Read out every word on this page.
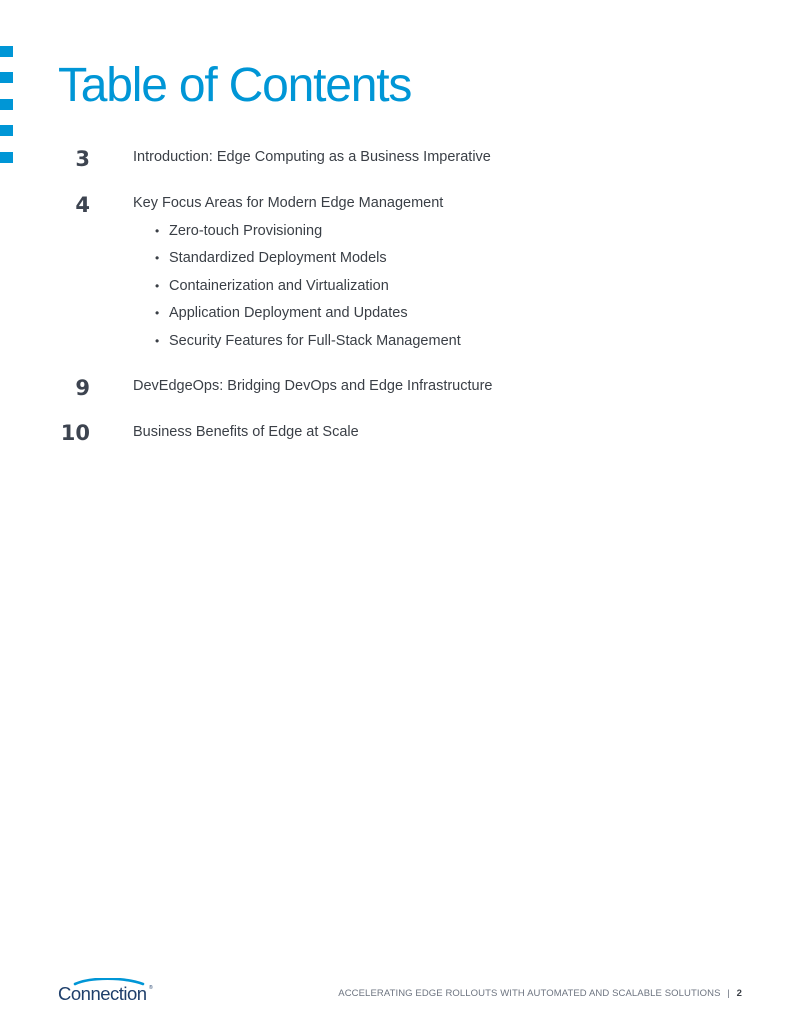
Table of Contents
3	Introduction: Edge Computing as a Business Imperative
4	Key Focus Areas for Modern Edge Management
• Zero-touch Provisioning
• Standardized Deployment Models
• Containerization and Virtualization
• Application Deployment and Updates
• Security Features for Full-Stack Management
9	DevEdgeOps: Bridging DevOps and Edge Infrastructure
10	Business Benefits of Edge at Scale
Connection ®	ACCELERATING EDGE ROLLOUTS WITH AUTOMATED AND SCALABLE SOLUTIONS | 2
